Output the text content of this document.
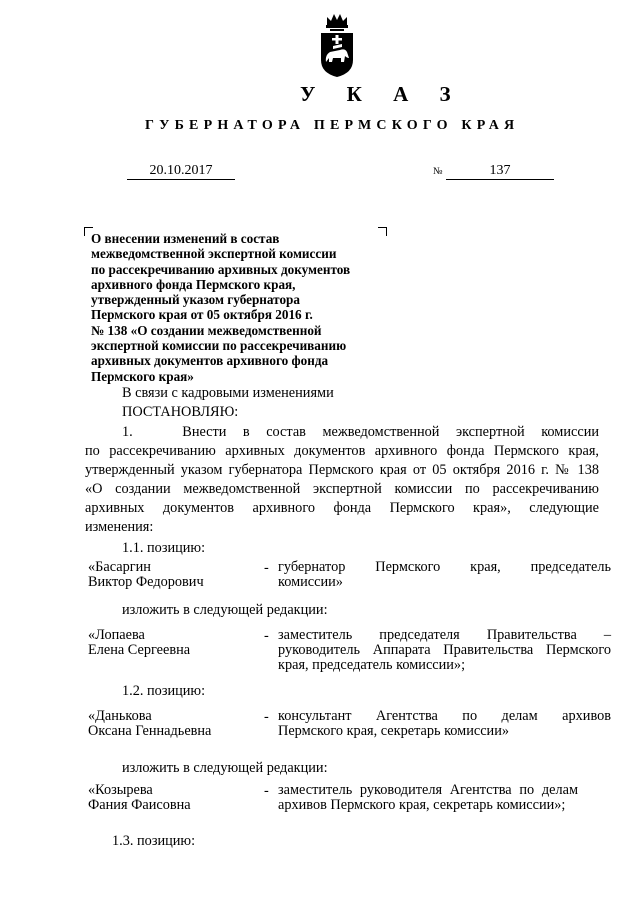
У К А З
ГУБЕРНАТОРА ПЕРМСКОГО КРАЯ
20.10.2017	№	137
О внесении изменений в состав
межведомственной экспертной комиссии
по рассекречиванию архивных документов
архивного фонда Пермского края,
утвержденный указом губернатора
Пермского края от 05 октября 2016 г.
№ 138 «О создании межведомственной
экспертной комиссии по рассекречиванию
архивных документов архивного фонда
Пермского края»
В связи с кадровыми изменениями
ПОСТАНОВЛЯЮ:
1.   Внести в состав межведомственной экспертной комиссии
по рассекречиванию архивных документов архивного фонда Пермского края,
утвержденный указом губернатора Пермского края от 05 октября 2016 г. № 138
«О создании межведомственной экспертной комиссии по рассекречиванию
архивных документов архивного фонда Пермского края», следующие
изменения:
1.1. позицию:
«Басаргин
Виктор Федорович
- губернатор Пермского края, председатель
комиссии»
изложить в следующей редакции:
«Лопаева
Елена Сергеевна
- заместитель председателя Правительства –
руководитель Аппарата Правительства Пермского
края, председатель комиссии»;
1.2. позицию:
«Данькова
Оксана Геннадьевна
- консультант Агентства по делам архивов
Пермского края, секретарь комиссии»
изложить в следующей редакции:
«Козырева
Фания Фаисовна
- заместитель руководителя Агентства по делам
архивов Пермского края, секретарь комиссии»;
1.3. позицию:
